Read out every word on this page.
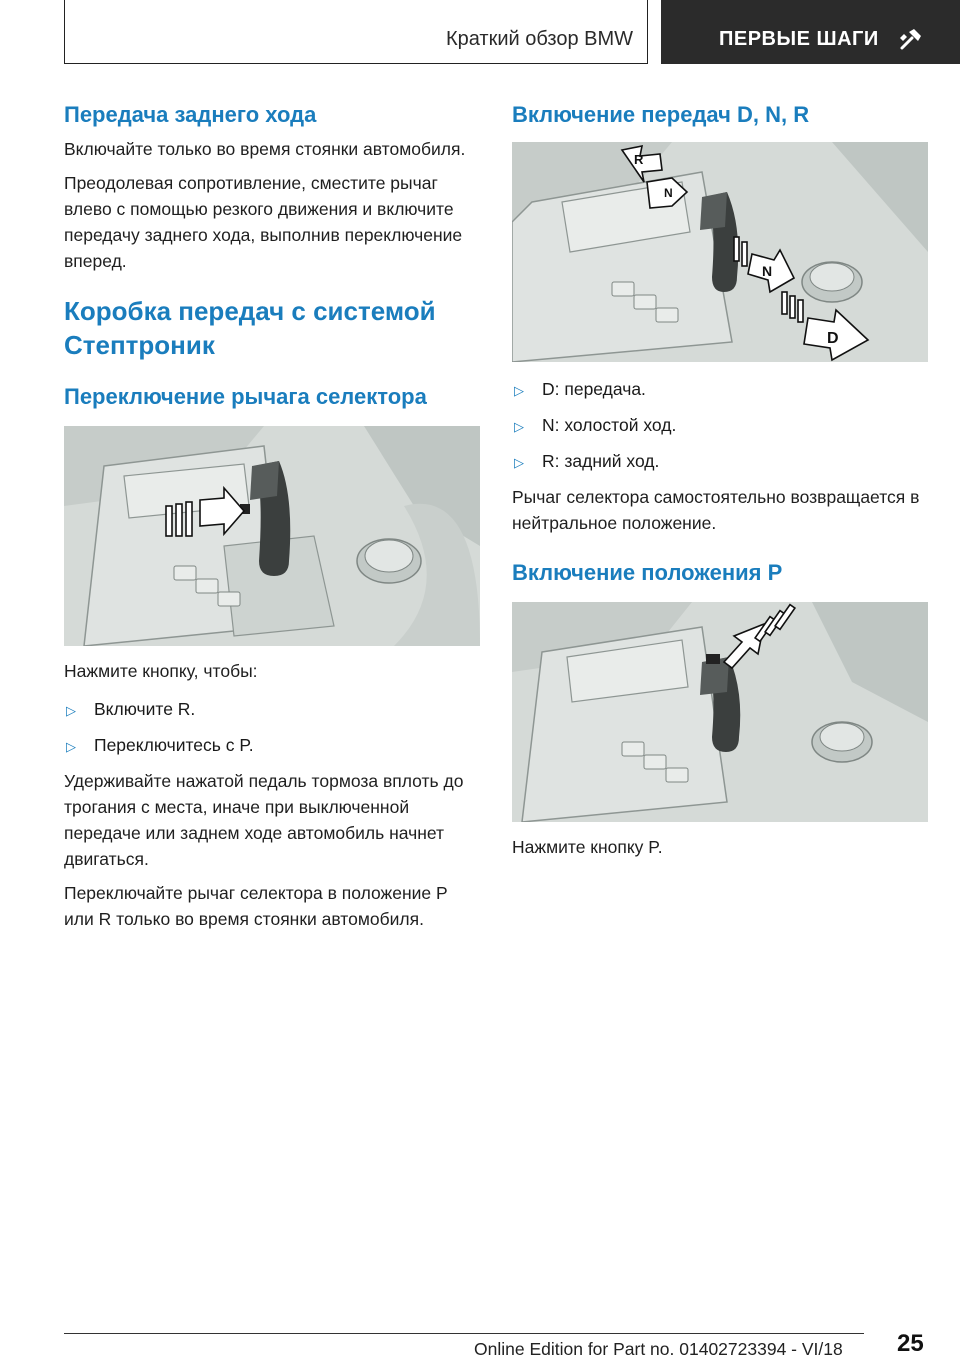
Краткий обзор BMW	ПЕРВЫЕ ШАГИ
Передача заднего хода

Включайте только во время стоянки автомобиля.

Преодолевая сопротивление, сместите рычаг влево с помощью резкого движения и включите передачу заднего хода, выполнив переключение вперед.

Коробка передач с системой Стептроник
Переключение рычага селектора

Нажмите кнопку, чтобы:

▷ Включите R.
▷ Переключитесь с P.

Удерживайте нажатой педаль тормоза вплоть до трогания с места, иначе при выключенной передаче или заднем ходе автомобиль начнет двигаться.

Переключайте рычаг селектора в положение P или R только во время стоянки автомобиля.

Включение передач D, N, R
R
N
N
D
▷ D: передача.
▷ N: холостой ход.
▷ R: задний ход.

Рычаг селектора самостоятельно возвращается в нейтральное положение.

Включение положения P

Нажмите кнопку P.

25
Online Edition for Part no. 01402723394 - VI/18
